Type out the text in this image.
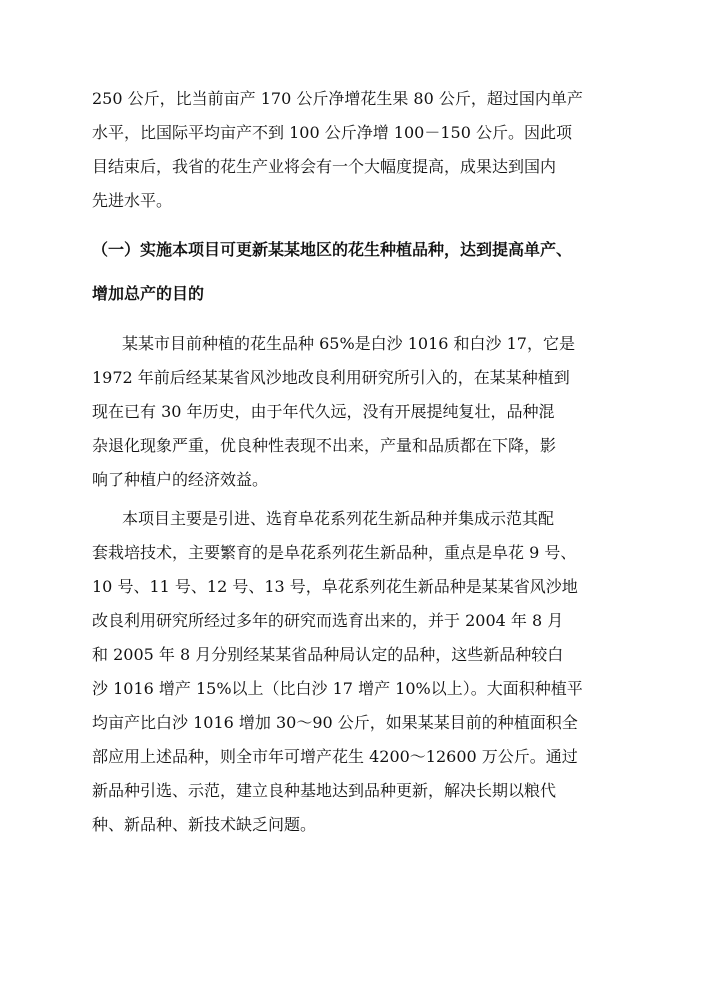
250 公斤，比当前亩产 170 公斤净增花生果 80 公斤，超过国内单产
水平，比国际平均亩产不到 100 公斤净增 100－150 公斤。因此项
目结束后，我省的花生产业将会有一个大幅度提高，成果达到国内
先进水平。
（一）实施本项目可更新某某地区的花生种植品种，达到提高单产、
增加总产的目的
某某市目前种植的花生品种 65%是白沙 1016 和白沙 17，它是
1972 年前后经某某省风沙地改良利用研究所引入的，在某某种植到
现在已有 30 年历史，由于年代久远，没有开展提纯复壮，品种混
杂退化现象严重，优良种性表现不出来，产量和品质都在下降，影
响了种植户的经济效益。
本项目主要是引进、选育阜花系列花生新品种并集成示范其配
套栽培技术，主要繁育的是阜花系列花生新品种，重点是阜花 9 号、
10 号、11 号、12 号、13 号，阜花系列花生新品种是某某省风沙地
改良利用研究所经过多年的研究而选育出来的，并于 2004 年 8 月
和 2005 年 8 月分别经某某省品种局认定的品种，这些新品种较白
沙 1016 增产 15%以上（比白沙 17 增产 10%以上）。大面积种植平
均亩产比白沙 1016 增加 30～90 公斤，如果某某目前的种植面积全
部应用上述品种，则全市年可增产花生 4200～12600 万公斤。通过
新品种引选、示范，建立良种基地达到品种更新，解决长期以粮代
种、新品种、新技术缺乏问题。
